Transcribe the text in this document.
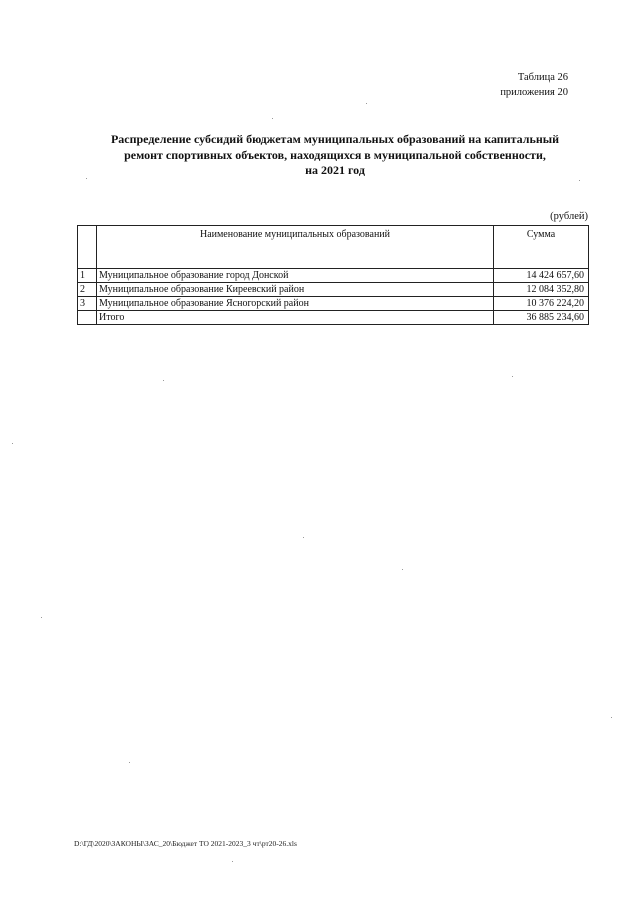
Таблица 26
приложения 20
Распределение субсидий бюджетам муниципальных образований на капитальный
ремонт спортивных объектов, находящихся в муниципальной собственности,
на 2021 год
(рублей)
	Наименование муниципальных образований	Сумма
1	Муниципальное образование город Донской	14 424 657,60
2	Муниципальное образование Киреевский район	12 084 352,80
3	Муниципальное образование Ясногорский район	10 376 224,20
	Итого	36 885 234,60
D:\ГД\2020\ЗАКОНЫ\ЗАС_20\Бюджет ТО 2021-2023_3 чт\рт20-26.xls
